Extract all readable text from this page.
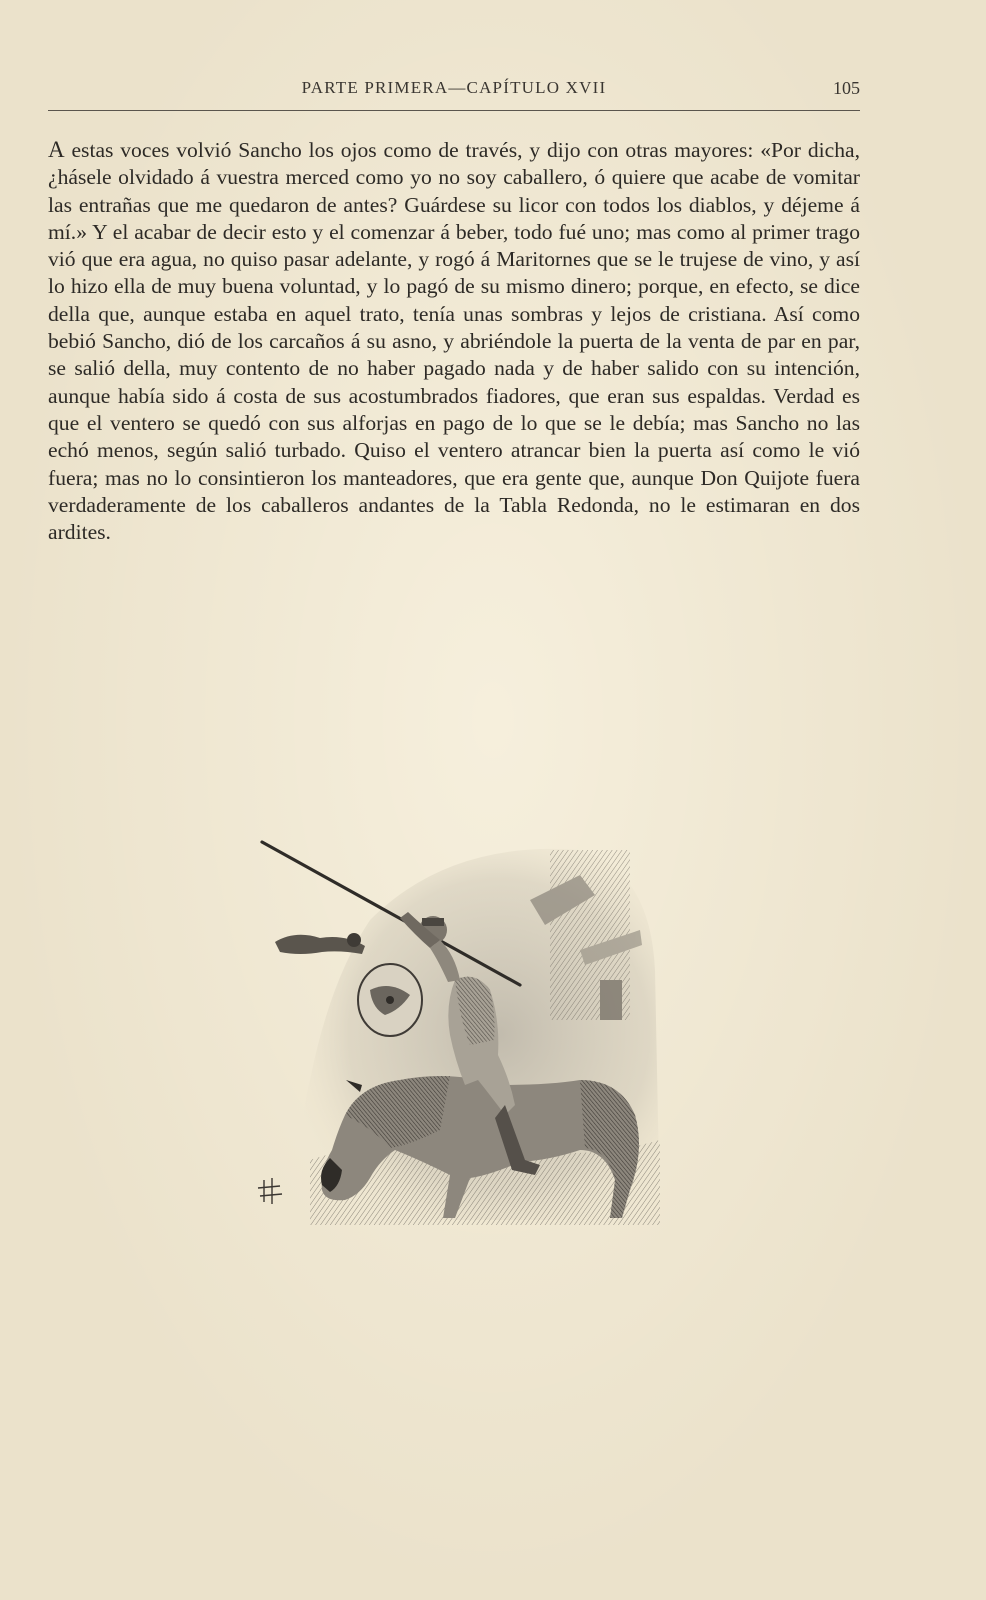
PARTE PRIMERA—CAPÍTULO XVII	105

A estas voces volvió Sancho los ojos como de través, y dijo con otras mayores: «Por dicha, ¿hásele olvidado á vuestra merced como yo no soy caballero, ó quiere que acabe de vomitar las entrañas que me quedaron de antes? Guárdese su licor con todos los diablos, y déjeme á mí.» Y el acabar de decir esto y el comenzar á beber, todo fué uno; mas como al primer trago vió que era agua, no quiso pasar adelante, y rogó á Maritornes que se le trujese de vino, y así lo hizo ella de muy buena voluntad, y lo pagó de su mismo dinero; porque, en efecto, se dice della que, aunque estaba en aquel trato, tenía unas sombras y lejos de cristiana. Así como bebió Sancho, dió de los carcaños á su asno, y abriéndole la puerta de la venta de par en par, se salió della, muy contento de no haber pagado nada y de haber salido con su intención, aunque había sido á costa de sus acostumbrados fiadores, que eran sus espaldas. Verdad es que el ventero se quedó con sus alforjas en pago de lo que se le debía; mas Sancho no las echó menos, según salió turbado. Quiso el ventero atrancar bien la puerta así como le vió fuera; mas no lo consintieron los manteadores, que era gente que, aunque Don Quijote fuera verdaderamente de los caballeros andantes de la Tabla Redonda, no le estimaran en dos ardites.
